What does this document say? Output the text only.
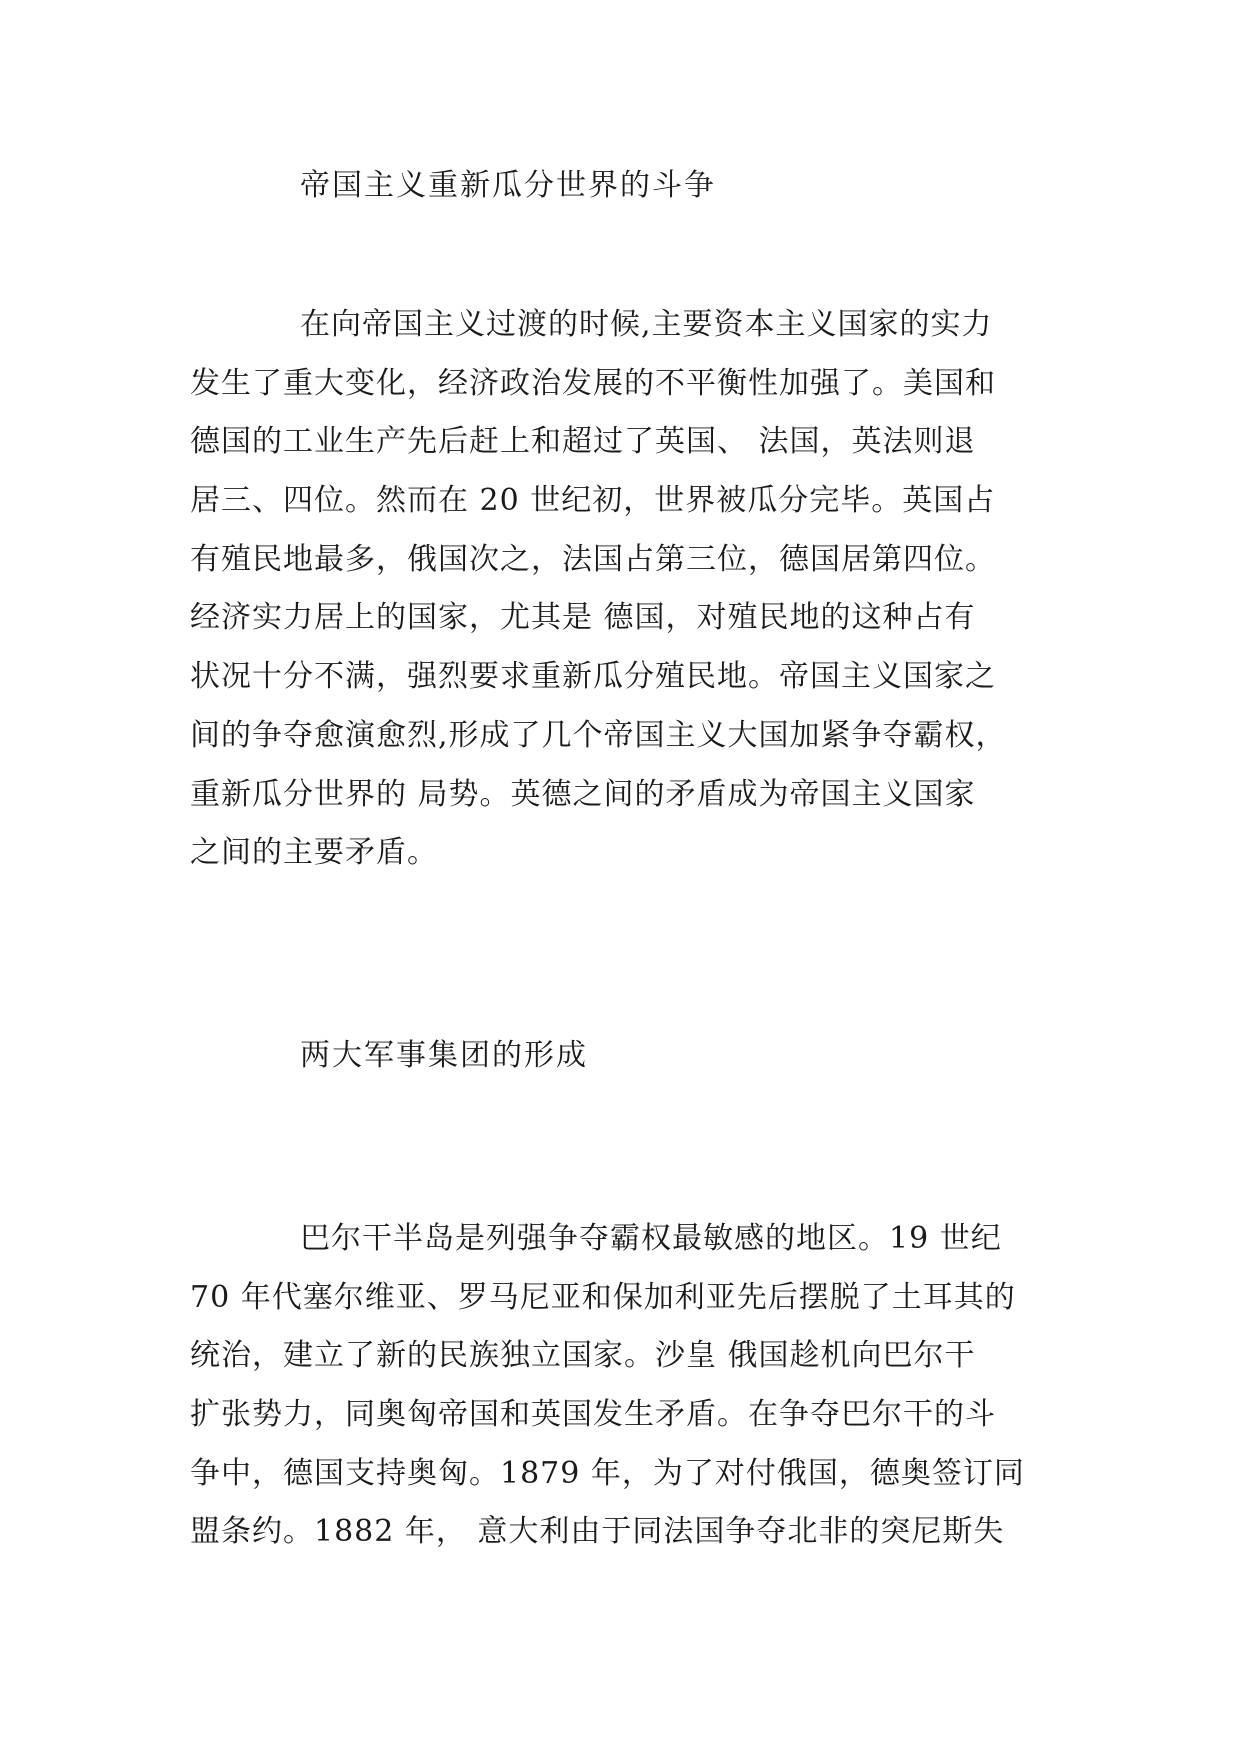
帝国主义重新瓜分世界的斗争
在向帝国主义过渡的时候,主要资本主义国家的实力
发生了重大变化，经济政治发展的不平衡性加强了。美国和
德国的工业生产先后赶上和超过了英国、 法国，英法则退
居三、四位。然而在 20 世纪初，世界被瓜分完毕。英国占
有殖民地最多，俄国次之，法国占第三位，德国居第四位。
经济实力居上的国家，尤其是 德国，对殖民地的这种占有
状况十分不满，强烈要求重新瓜分殖民地。帝国主义国家之
间的争夺愈演愈烈,形成了几个帝国主义大国加紧争夺霸权，
重新瓜分世界的 局势。英德之间的矛盾成为帝国主义国家
之间的主要矛盾。
两大军事集团的形成
巴尔干半岛是列强争夺霸权最敏感的地区。19 世纪
70 年代塞尔维亚、罗马尼亚和保加利亚先后摆脱了土耳其的
统治，建立了新的民族独立国家。沙皇 俄国趁机向巴尔干
扩张势力，同奥匈帝国和英国发生矛盾。在争夺巴尔干的斗
争中，德国支持奥匈。1879 年，为了对付俄国，德奥签订同
盟条约。1882 年， 意大利由于同法国争夺北非的突尼斯失
